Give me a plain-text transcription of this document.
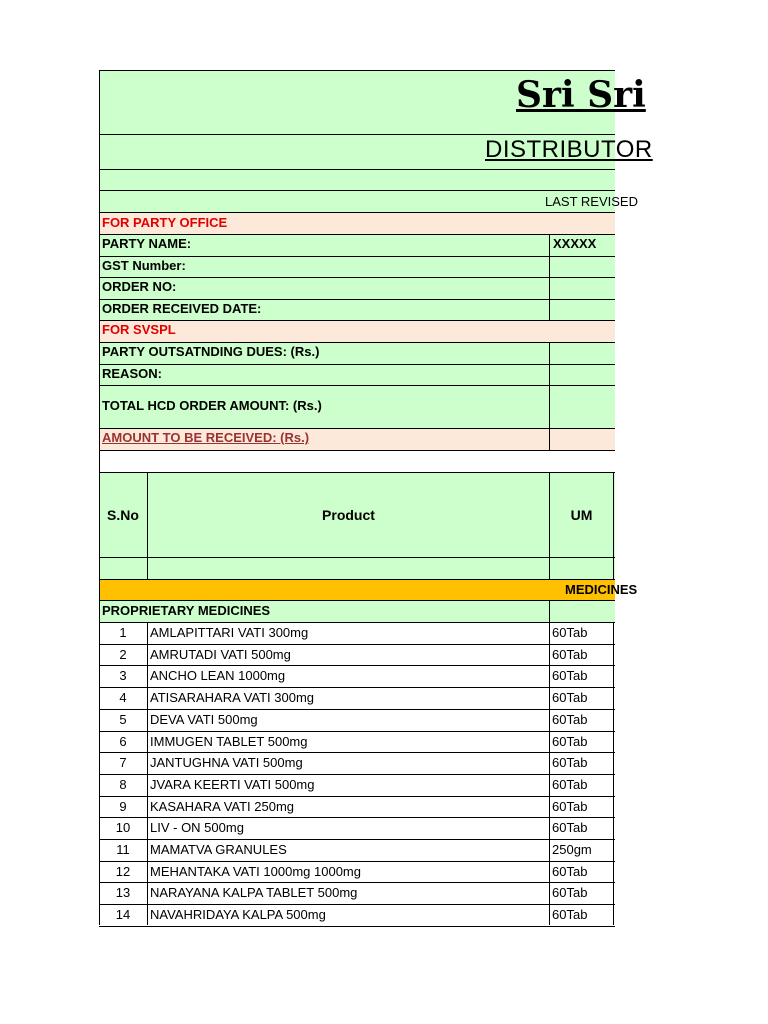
Sri Sri
DISTRIBUTOR
LAST REVISED
FOR PARTY OFFICE
PARTY NAME:	XXXXX
GST Number:
ORDER NO:
ORDER RECEIVED DATE:
FOR SVSPL
PARTY OUTSATNDING DUES: (Rs.)
REASON:
TOTAL HCD ORDER AMOUNT: (Rs.)
AMOUNT TO BE RECEIVED: (Rs.)
S.No	Product	UM
MEDICINES
PROPRIETARY MEDICINES
1	AMLAPITTARI VATI 300mg	60Tab
2	AMRUTADI VATI 500mg	60Tab
3	ANCHO LEAN 1000mg	60Tab
4	ATISARAHARA VATI 300mg	60Tab
5	DEVA VATI 500mg	60Tab
6	IMMUGEN TABLET 500mg	60Tab
7	JANTUGHNA VATI 500mg	60Tab
8	JVARA KEERTI VATI 500mg	60Tab
9	KASAHARA VATI 250mg	60Tab
10	LIV - ON 500mg	60Tab
11	MAMATVA GRANULES	250gm
12	MEHANTAKA VATI 1000mg 1000mg	60Tab
13	NARAYANA KALPA TABLET 500mg	60Tab
14	NAVAHRIDAYA KALPA 500mg	60Tab
